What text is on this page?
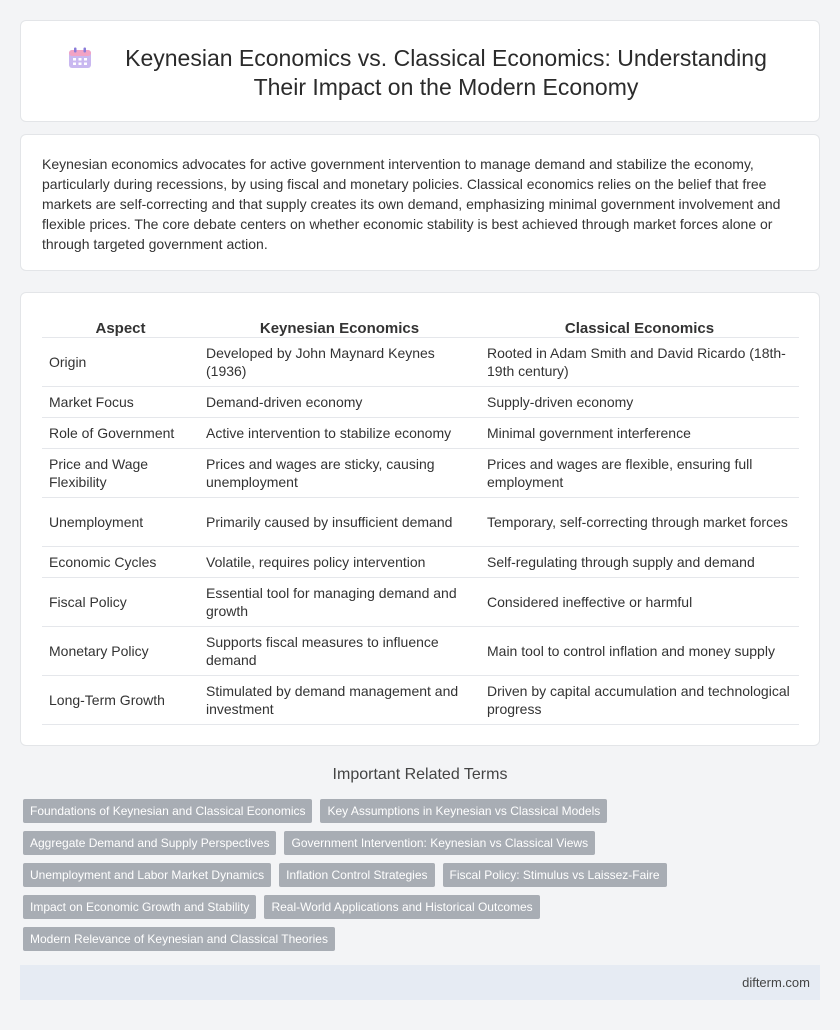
Keynesian Economics vs. Classical Economics: Understanding Their Impact on the Modern Economy

Keynesian economics advocates for active government intervention to manage demand and stabilize the economy, particularly during recessions, by using fiscal and monetary policies. Classical economics relies on the belief that free markets are self-correcting and that supply creates its own demand, emphasizing minimal government involvement and flexible prices. The core debate centers on whether economic stability is best achieved through market forces alone or through targeted government action.

Aspect	Keynesian Economics	Classical Economics
Origin	Developed by John Maynard Keynes (1936)	Rooted in Adam Smith and David Ricardo (18th-19th century)
Market Focus	Demand-driven economy	Supply-driven economy
Role of Government	Active intervention to stabilize economy	Minimal government interference
Price and Wage Flexibility	Prices and wages are sticky, causing unemployment	Prices and wages are flexible, ensuring full employment
Unemployment	Primarily caused by insufficient demand	Temporary, self-correcting through market forces
Economic Cycles	Volatile, requires policy intervention	Self-regulating through supply and demand
Fiscal Policy	Essential tool for managing demand and growth	Considered ineffective or harmful
Monetary Policy	Supports fiscal measures to influence demand	Main tool to control inflation and money supply
Long-Term Growth	Stimulated by demand management and investment	Driven by capital accumulation and technological progress
Important Related Terms
Foundations of Keynesian and Classical Economics	Key Assumptions in Keynesian vs Classical Models
Aggregate Demand and Supply Perspectives	Government Intervention: Keynesian vs Classical Views
Unemployment and Labor Market Dynamics	Inflation Control Strategies	Fiscal Policy: Stimulus vs Laissez-Faire
Impact on Economic Growth and Stability	Real-World Applications and Historical Outcomes
Modern Relevance of Keynesian and Classical Theories
difterm.com
